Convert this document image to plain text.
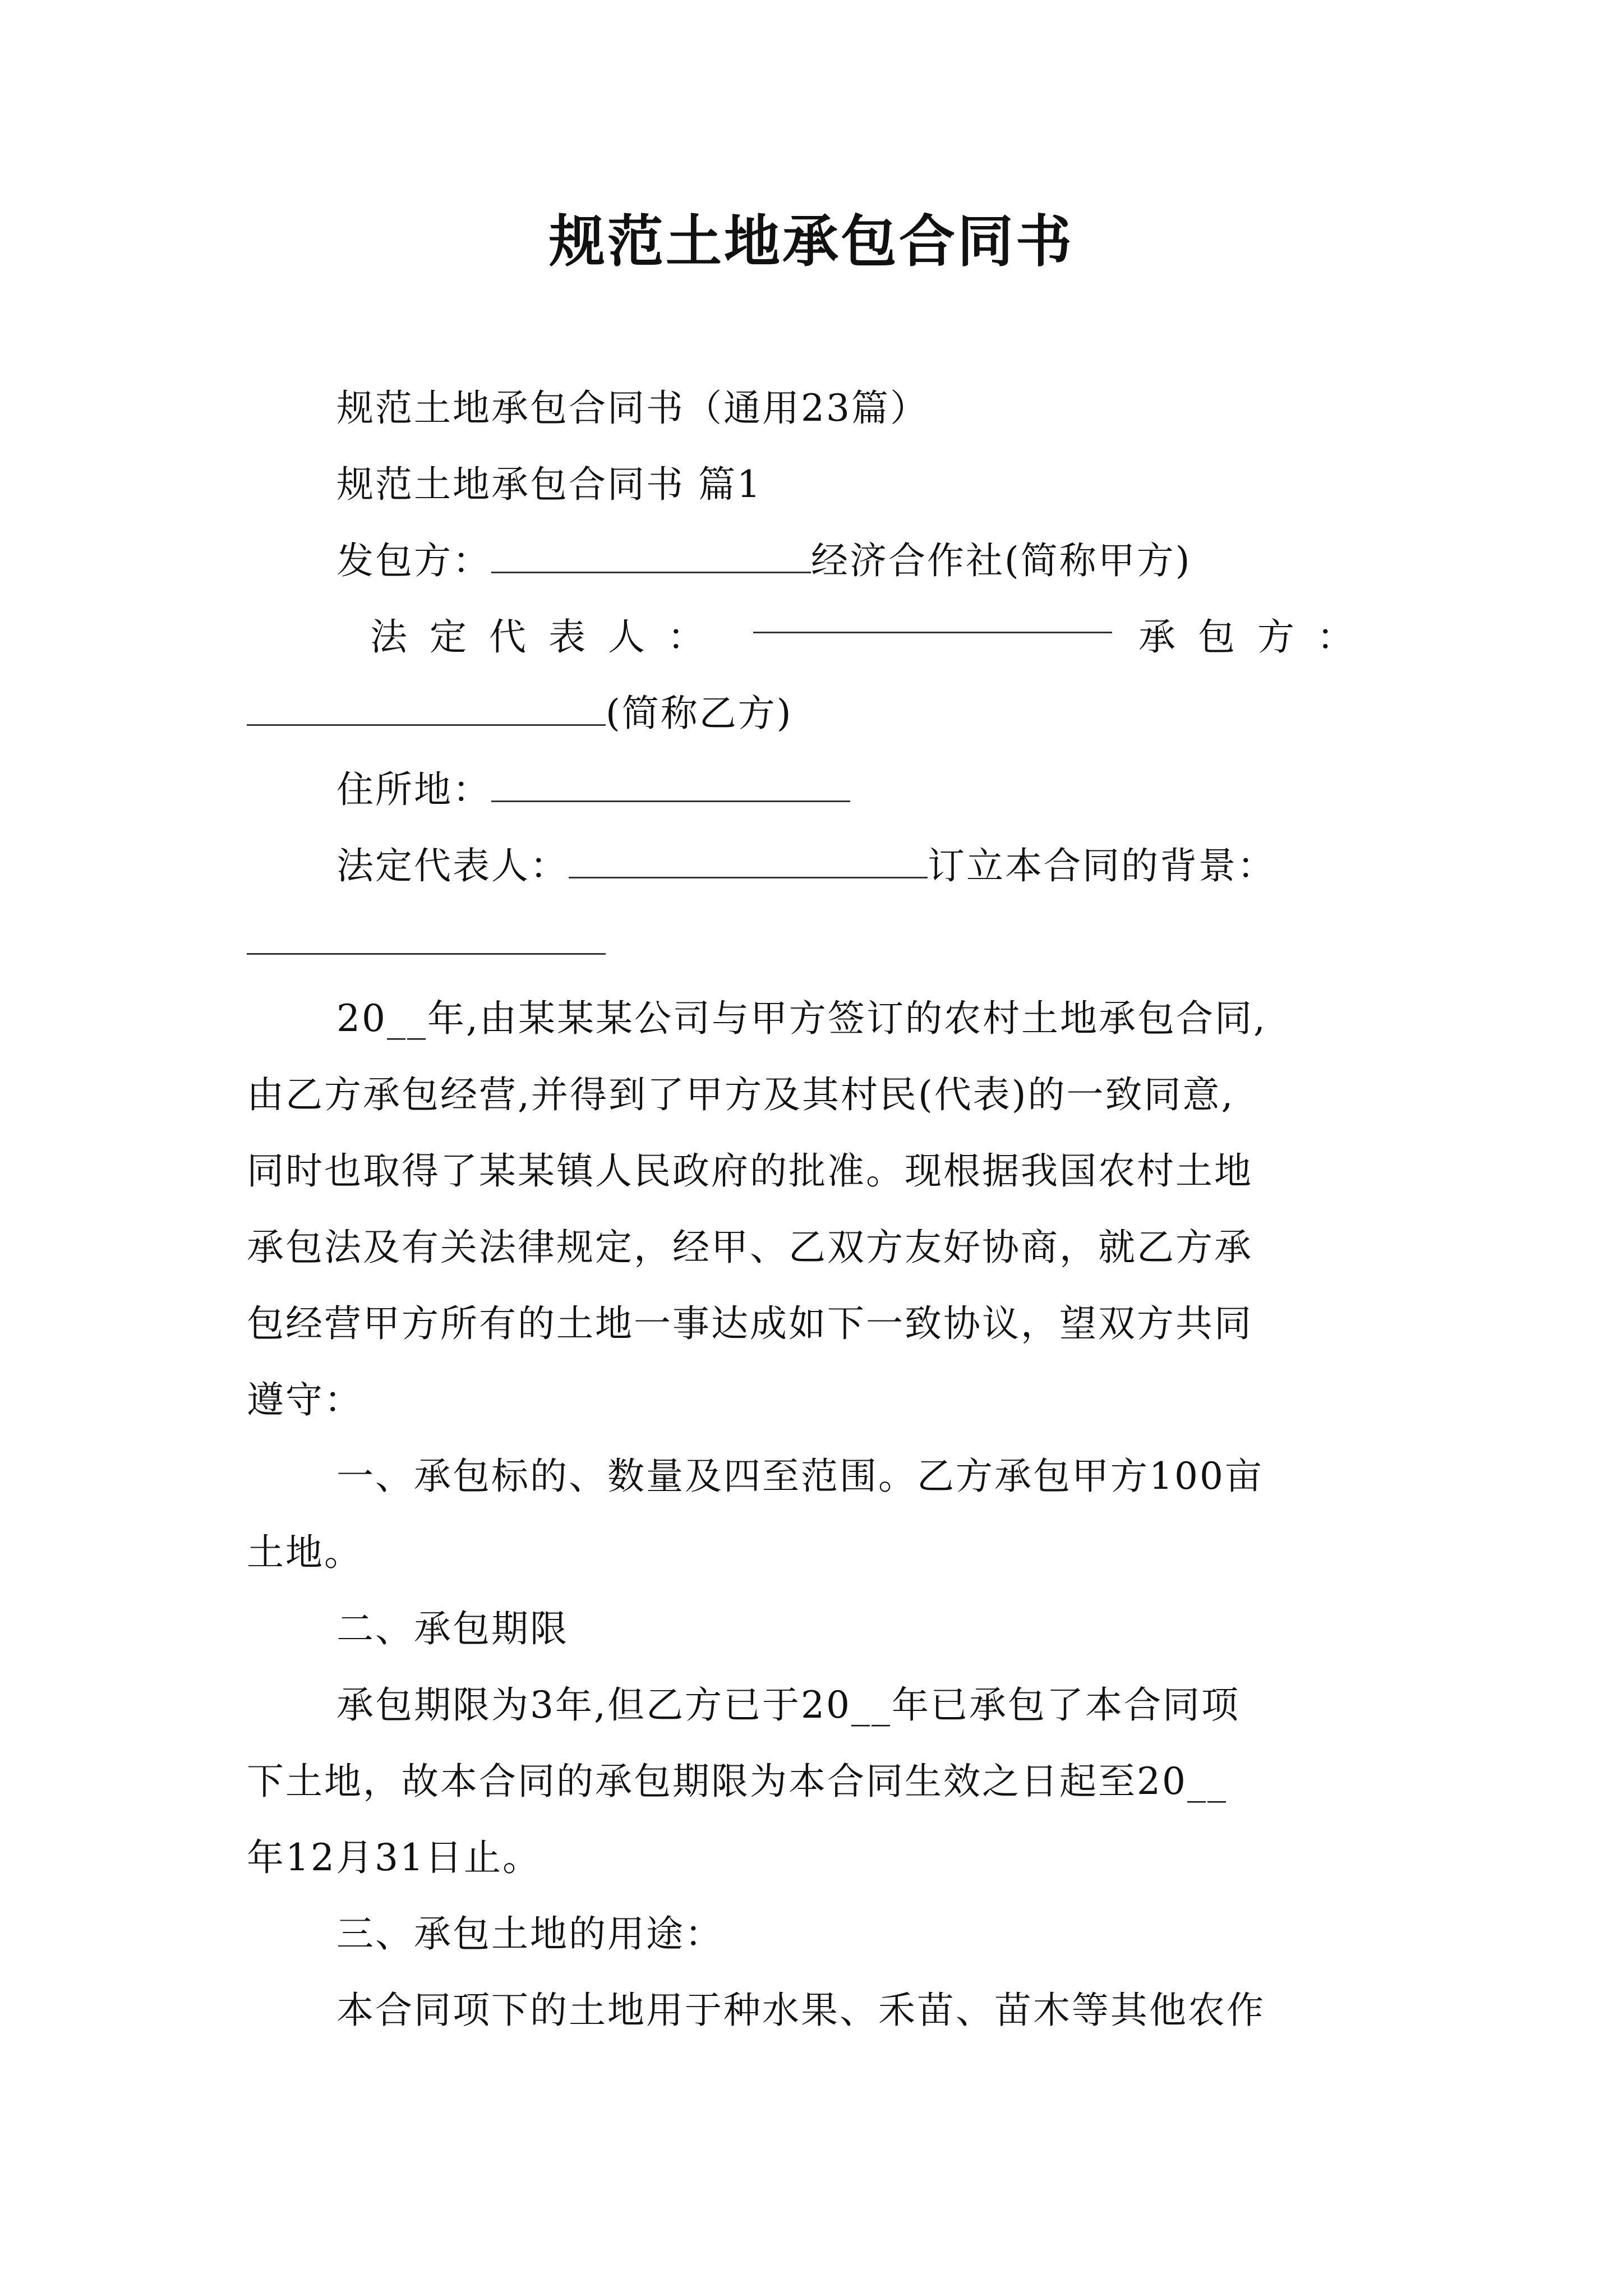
规范土地承包合同书
规范土地承包合同书（通用23篇）
规范土地承包合同书 篇1
发包方：	经济合作社(简称甲方)
法定代表人：	承包方：
(简称乙方)
住所地：
法定代表人：	订立本合同的背景：
20__年,由某某某公司与甲方签订的农村土地承包合同,
由乙方承包经营,并得到了甲方及其村民(代表)的一致同意,
同时也取得了某某镇人民政府的批准。现根据我国农村土地
承包法及有关法律规定，经甲、乙双方友好协商，就乙方承
包经营甲方所有的土地一事达成如下一致协议，望双方共同
遵守：
一、承包标的、数量及四至范围。乙方承包甲方100亩
土地。
二、承包期限
承包期限为3年,但乙方已于20__年已承包了本合同项
下土地，故本合同的承包期限为本合同生效之日起至20__
年12月31日止。
三、承包土地的用途：
本合同项下的土地用于种水果、禾苗、苗木等其他农作
